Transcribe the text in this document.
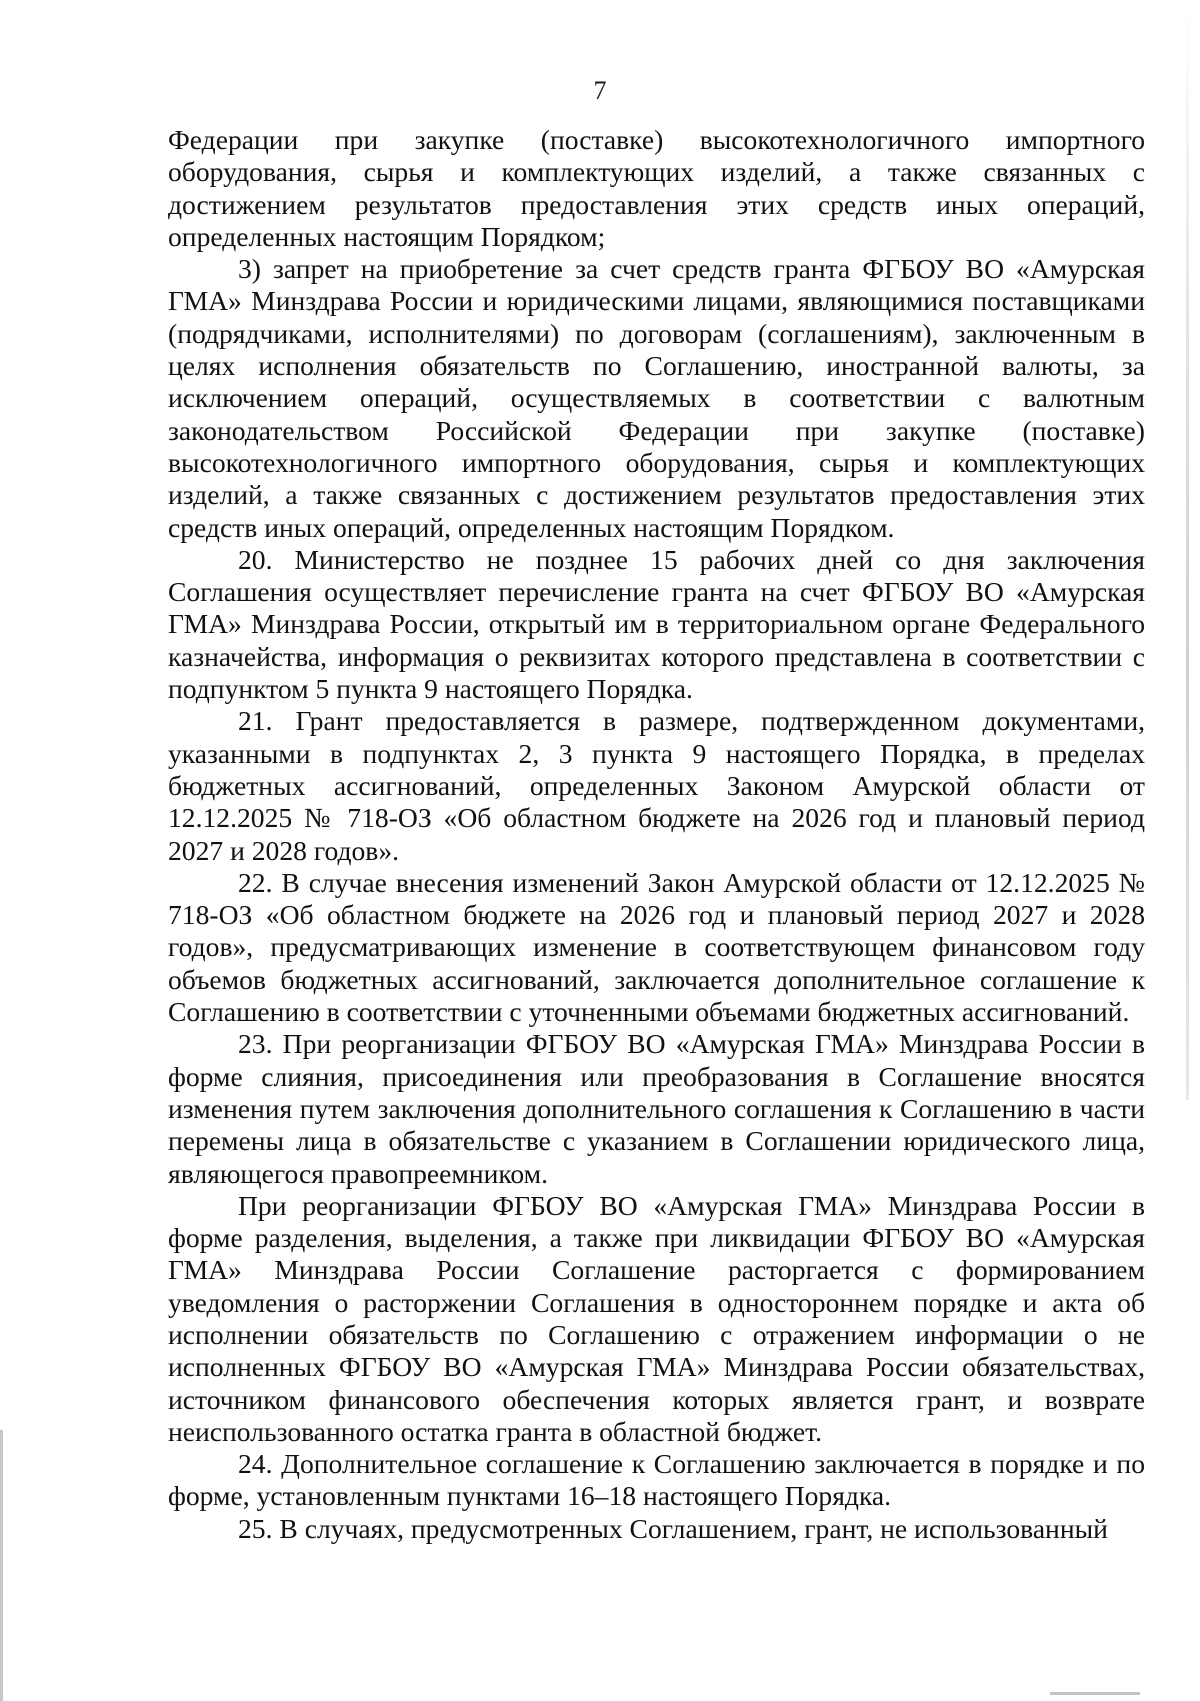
7

Федерации при закупке (поставке) высокотехнологичного импортного оборудования, сырья и комплектующих изделий, а также связанных с достижением результатов предоставления этих средств иных операций, определенных настоящим Порядком;

3) запрет на приобретение за счет средств гранта ФГБОУ ВО «Амурская ГМА» Минздрава России и юридическими лицами, являющимися поставщиками (подрядчиками, исполнителями) по договорам (соглашениям), заключенным в целях исполнения обязательств по Соглашению, иностранной валюты, за исключением операций, осуществляемых в соответствии с валютным законодательством Российской Федерации при закупке (поставке) высокотехнологичного импортного оборудования, сырья и комплектующих изделий, а также связанных с достижением результатов предоставления этих средств иных операций, определенных настоящим Порядком.

20. Министерство не позднее 15 рабочих дней со дня заключения Соглашения осуществляет перечисление гранта на счет ФГБОУ ВО «Амурская ГМА» Минздрава России, открытый им в территориальном органе Федерального казначейства, информация о реквизитах которого представлена в соответствии с подпунктом 5 пункта 9 настоящего Порядка.

21. Грант предоставляется в размере, подтвержденном документами, указанными в подпунктах 2, 3 пункта 9 настоящего Порядка, в пределах бюджетных ассигнований, определенных Законом Амурской области от 12.12.2025 № 718-ОЗ «Об областном бюджете на 2026 год и плановый период 2027 и 2028 годов».

22. В случае внесения изменений Закон Амурской области от 12.12.2025 № 718-ОЗ «Об областном бюджете на 2026 год и плановый период 2027 и 2028 годов», предусматривающих изменение в соответствующем финансовом году объемов бюджетных ассигнований, заключается дополнительное соглашение к Соглашению в соответствии с уточненными объемами бюджетных ассигнований.

23. При реорганизации ФГБОУ ВО «Амурская ГМА» Минздрава России в форме слияния, присоединения или преобразования в Соглашение вносятся изменения путем заключения дополнительного соглашения к Соглашению в части перемены лица в обязательстве с указанием в Соглашении юридического лица, являющегося правопреемником.

При реорганизации ФГБОУ ВО «Амурская ГМА» Минздрава России в форме разделения, выделения, а также при ликвидации ФГБОУ ВО «Амурская ГМА» Минздрава России Соглашение расторгается с формированием уведомления о расторжении Соглашения в одностороннем порядке и акта об исполнении обязательств по Соглашению с отражением информации о не исполненных ФГБОУ ВО «Амурская ГМА» Минздрава России обязательствах, источником финансового обеспечения которых является грант, и возврате неиспользованного остатка гранта в областной бюджет.

24. Дополнительное соглашение к Соглашению заключается в порядке и по форме, установленным пунктами 16–18 настоящего Порядка.

25. В случаях, предусмотренных Соглашением, грант, не использованный
